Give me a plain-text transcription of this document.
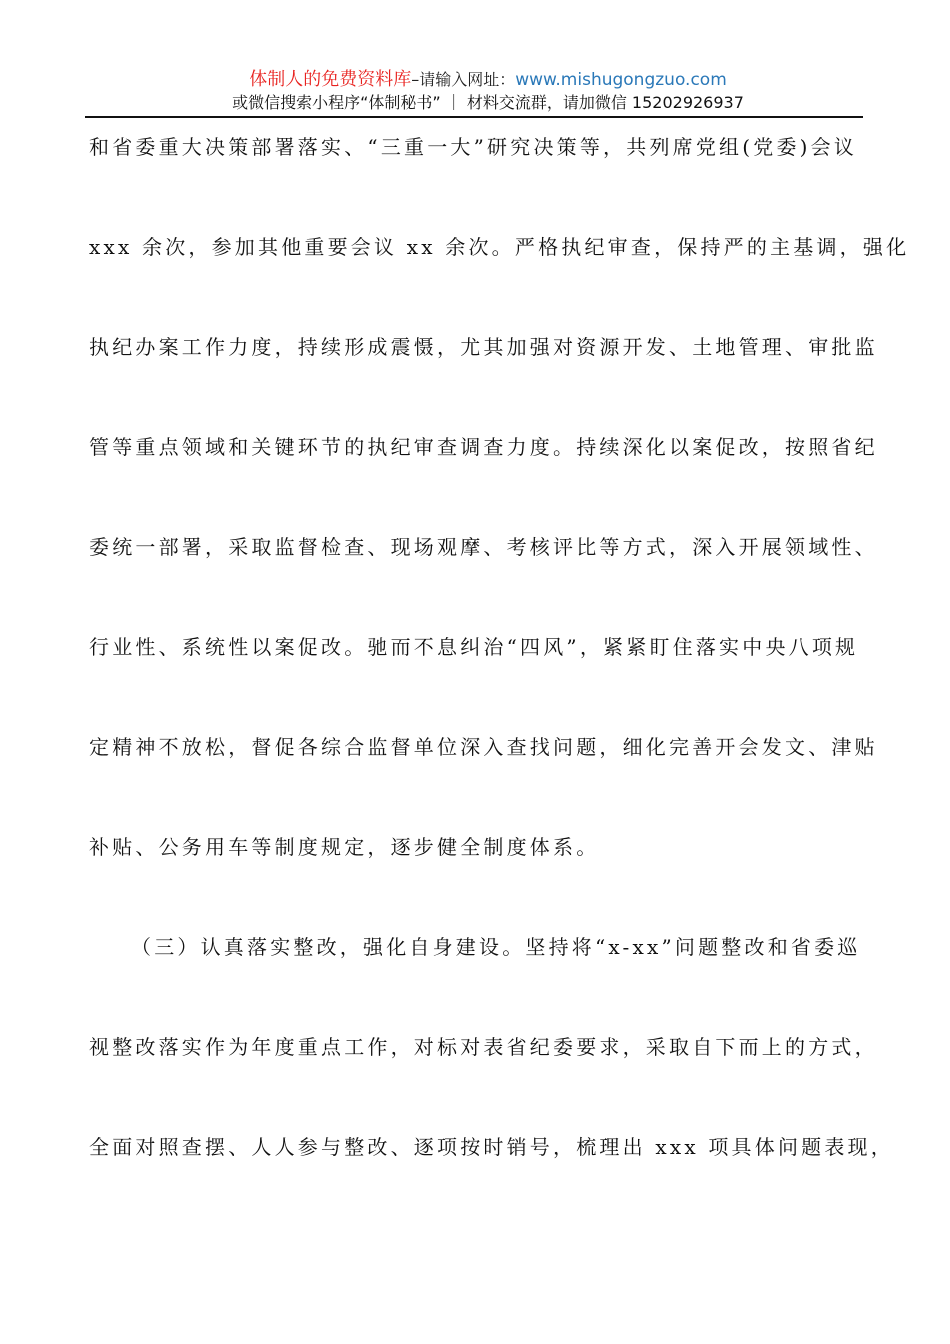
体制人的免费资料库–请输入网址：www.mishugongzuo.com
或微信搜索小程序“体制秘书” ｜ 材料交流群，请加微信 15202926937
和省委重大决策部署落实、“三重一大”研究决策等，共列席党组(党委)会议
xxx 余次，参加其他重要会议 xx 余次。严格执纪审查，保持严的主基调，强化
执纪办案工作力度，持续形成震慑，尤其加强对资源开发、土地管理、审批监
管等重点领域和关键环节的执纪审查调查力度。持续深化以案促改，按照省纪
委统一部署，采取监督检查、现场观摩、考核评比等方式，深入开展领域性、
行业性、系统性以案促改。驰而不息纠治“四风”，紧紧盯住落实中央八项规
定精神不放松，督促各综合监督单位深入查找问题，细化完善开会发文、津贴
补贴、公务用车等制度规定，逐步健全制度体系。
（三）认真落实整改，强化自身建设。坚持将“x-xx”问题整改和省委巡
视整改落实作为年度重点工作，对标对表省纪委要求，采取自下而上的方式，
全面对照查摆、人人参与整改、逐项按时销号，梳理出 xxx 项具体问题表现，
